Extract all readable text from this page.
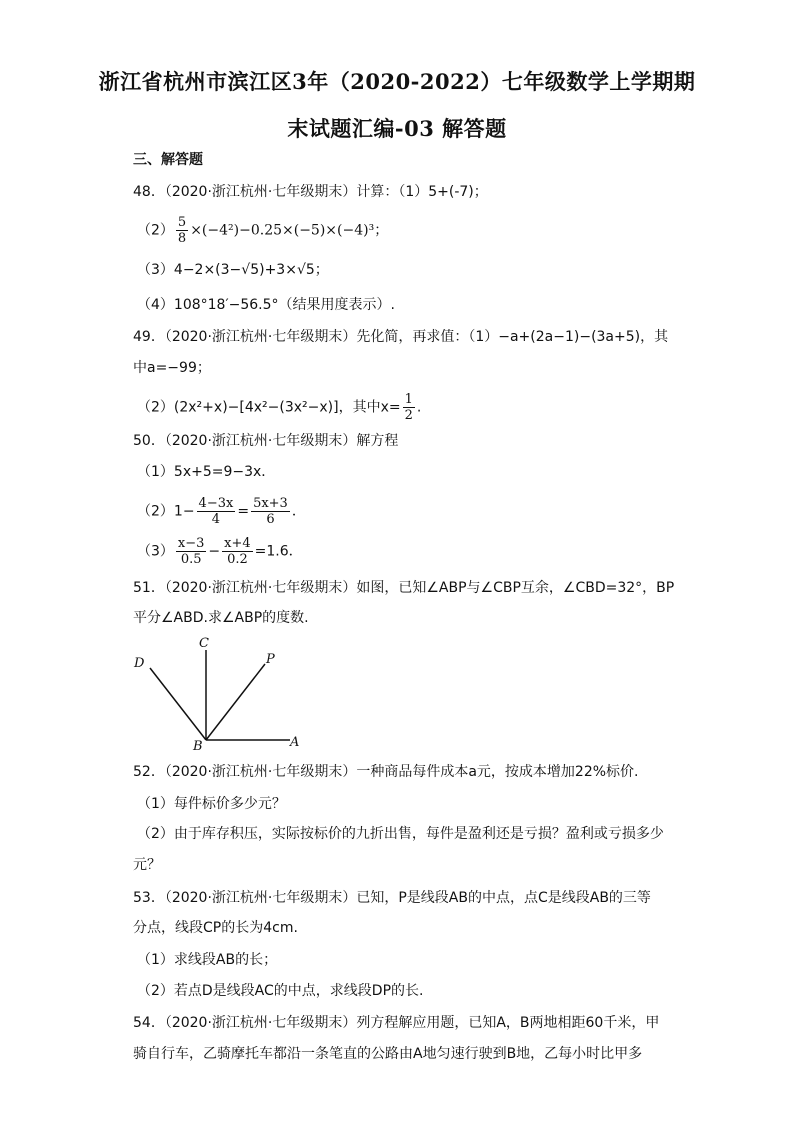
浙江省杭州市滨江区3年（2020-2022）七年级数学上学期期
末试题汇编-03 解答题
三、解答题
48．（2020·浙江杭州·七年级期末）计算：（1）5+(-7)；
$(2) \frac{5}{8} \times(-4^2)-0.25\times(-5)\times(-4)^3$；
（3）4−2×(3−√5)+3×√5；
（4）108°18′−56.5°（结果用度表示）.
49．（2020·浙江杭州·七年级期末）先化简，再求值：（1）−a+(2a−1)−(3a+5)，其
中a=−99；
（2）(2x²+x)−[4x²−(3x²−x)]，其中$x= \frac{1}{2}$ .
50．（2020·浙江杭州·七年级期末）解方程
（1）5x+5=9−3x．
$(2)1- \frac{4-3x}{4} = \frac{5x+3}{6}$ ．
$(3) \frac{x-3}{0.5} - \frac{x+4}{0.2} =1.6$．
51．（2020·浙江杭州·七年级期末）如图，已知∠ABP与∠CBP互余，∠CBD=32°，BP
平分∠ABD.求∠ABP的度数.
D
C
P
B	A
52．（2020·浙江杭州·七年级期末）一种商品每件成本a元，按成本增加22%标价.
（1）每件标价多少元？
（2）由于库存积压，实际按标价的九折出售，每件是盈利还是亏损？盈利或亏损多少
元？
53．（2020·浙江杭州·七年级期末）已知，P是线段AB的中点，点C是线段AB的三等
分点，线段CP的长为4cm.
（1）求线段AB的长；
（2）若点D是线段AC的中点，求线段DP的长.
54．（2020·浙江杭州·七年级期末）列方程解应用题，已知A，B两地相距60千米，甲
骑自行车，乙骑摩托车都沿一条笔直的公路由A地匀速行驶到B地，乙每小时比甲多
